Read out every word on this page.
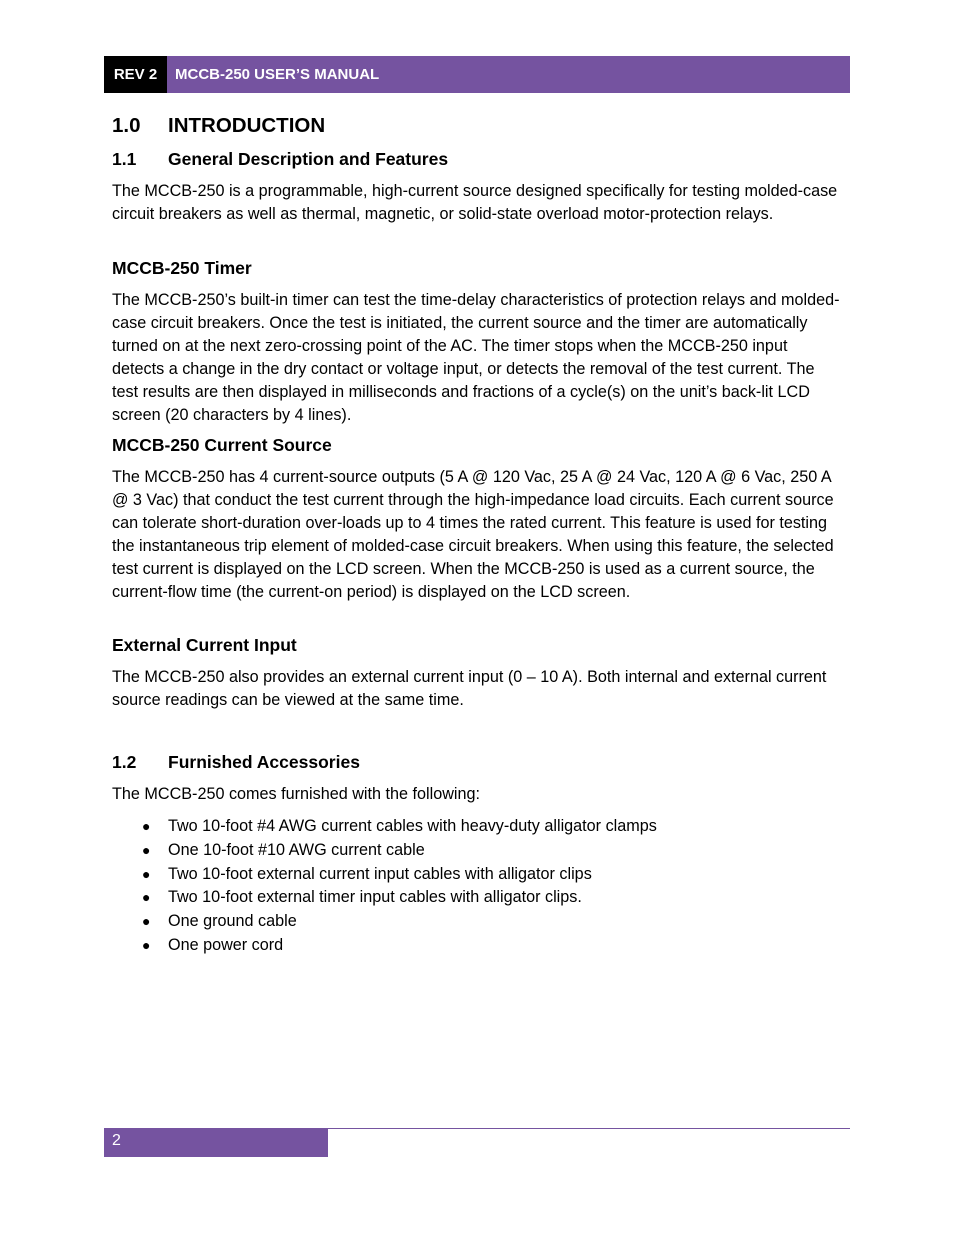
REV 2	MCCB-250 USER’S MANUAL
1.0 INTRODUCTION
1.1 General Description and Features

The MCCB-250 is a programmable, high-current source designed specifically for testing molded-case circuit breakers as well as thermal, magnetic, or solid-state overload motor-protection relays.

MCCB-250 Timer

The MCCB-250’s built-in timer can test the time-delay characteristics of protection relays and molded-case circuit breakers. Once the test is initiated, the current source and the timer are automatically turned on at the next zero-crossing point of the AC. The timer stops when the MCCB-250 input detects a change in the dry contact or voltage input, or detects the removal of the test current. The test results are then displayed in milliseconds and fractions of a cycle(s) on the unit’s back-lit LCD screen (20 characters by 4 lines).

MCCB-250 Current Source

The MCCB-250 has 4 current-source outputs (5 A @ 120 Vac, 25 A @ 24 Vac, 120 A @ 6 Vac, 250 A @ 3 Vac) that conduct the test current through the high-impedance load circuits. Each current source can tolerate short-duration over-loads up to 4 times the rated current. This feature is used for testing the instantaneous trip element of molded-case circuit breakers. When using this feature, the selected test current is displayed on the LCD screen. When the MCCB-250 is used as a current source, the current-flow time (the current-on period) is displayed on the LCD screen.

External Current Input

The MCCB-250 also provides an external current input (0 – 10 A). Both internal and external current source readings can be viewed at the same time.

1.2 Furnished Accessories

The MCCB-250 comes furnished with the following:

● Two 10-foot #4 AWG current cables with heavy-duty alligator clamps
● One 10-foot #10 AWG current cable
● Two 10-foot external current input cables with alligator clips
● Two 10-foot external timer input cables with alligator clips.
● One ground cable
● One power cord
2
